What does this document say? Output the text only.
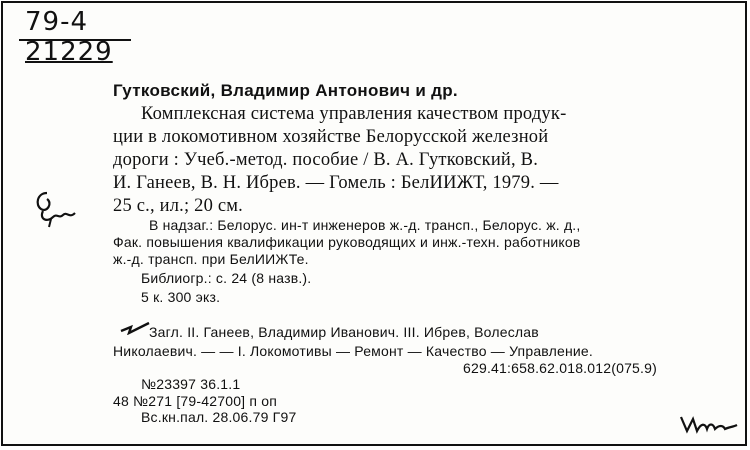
79-4
21229
Гутковский, Владимир Антонович и др.
Комплексная система управления качеством продук-
ции в локомотивном хозяйстве Белорусской железной
дороги : Учеб.-метод. пособие / В. А. Гутковский, В.
И. Ганеев, В. Н. Ибрев. — Гомель : БелИИЖТ, 1979. —
25 с., ил.; 20 см.
В надзаг.: Белорус. ин-т инженеров ж.-д. трансп., Белорус. ж. д.,
Фак. повышения квалификации руководящих и инж.-техн. работников
ж.-д. трансп. при БелИИЖТе.
Библиогр.: с. 24 (8 назв.).
5 к. 300 экз.
Загл. II. Ганеев, Владимир Иванович. III. Ибрев, Волеслав
Николаевич. — — I. Локомотивы — Ремонт — Качество — Управление.
629.41:658.62.018.012(075.9)
№23397 36.1.1
48 №271 [79-42700] п оп
Вс.кн.пал. 28.06.79 Г97
